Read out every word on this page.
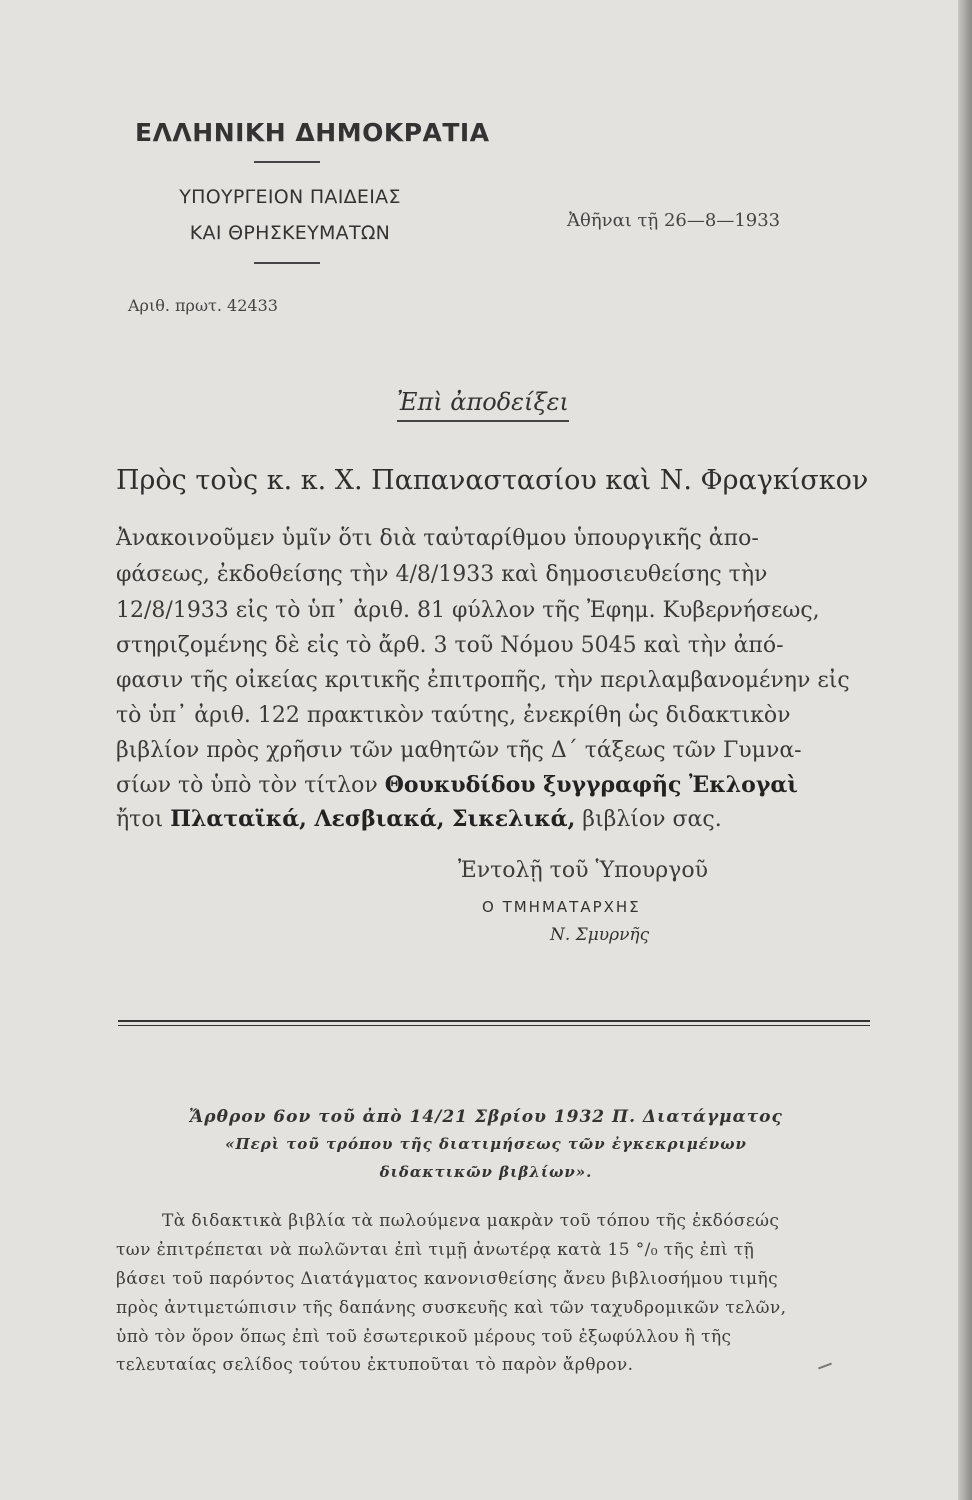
ΕΛΛΗΝΙΚΗ ΔΗΜΟΚΡΑΤΙΑ
ΥΠΟΥΡΓΕΙΟΝ ΠΑΙΔΕΙΑΣ
ΚΑΙ ΘΡΗΣΚΕΥΜΑΤΩΝ
Ἀθῆναι τῇ 26—8—1933
Αριθ. πρωτ. 42433
Ἐπὶ ἀποδείξει
Πρὸς τοὺς κ. κ. Χ. Παπαναστασίου καὶ Ν. Φραγκίσκον
Ἀνακοινοῦμεν ὑμῖν ὅτι διὰ ταὐταρίθμου ὑπουργικῆς ἀπο-
φάσεως, ἐκδοθείσης τὴν 4/8/1933 καὶ δημοσιευθείσης τὴν
12/8/1933 εἰς τὸ ὑπ᾽ ἀριθ. 81 φύλλον τῆς Ἐφημ. Κυβερνήσεως,
στηριζομένης δὲ εἰς τὸ ἄρθ. 3 τοῦ Νόμου 5045 καὶ τὴν ἀπό-
φασιν τῆς οἰκείας κριτικῆς ἐπιτροπῆς, τὴν περιλαμβανομένην εἰς
τὸ ὑπ᾽ ἀριθ. 122 πρακτικὸν ταύτης, ἐνεκρίθη ὡς διδακτικὸν
βιβλίον πρὸς χρῆσιν τῶν μαθητῶν τῆς Δ΄ τάξεως τῶν Γυμνα-
σίων τὸ ὑπὸ τὸν τίτλον Θουκυδίδου ξυγγραφῆς Ἐκλογαὶ
ἤτοι Πλαταϊκά, Λεσβιακά, Σικελικά, βιβλίον σας.
Ἐντολῇ τοῦ Ὑπουργοῦ
Ο ΤΜΗΜΑΤΑΡΧΗΣ
Ν. Σμυρνῆς
Ἄρθρον 6ον τοῦ ἀπὸ 14/21 Σβρίου 1932 Π. Διατάγματος
«Περὶ τοῦ τρόπου τῆς διατιμήσεως τῶν ἐγκεκριμένων
διδακτικῶν βιβλίων».
Τὰ διδακτικὰ βιβλία τὰ πωλούμενα μακρὰν τοῦ τόπου τῆς ἐκδόσεώς
των ἐπιτρέπεται νὰ πωλῶνται ἐπὶ τιμῇ ἀνωτέρᾳ κατὰ 15 °/₀ τῆς ἐπὶ τῇ
βάσει τοῦ παρόντος Διατάγματος κανονισθείσης ἄνευ βιβλιοσήμου τιμῆς
πρὸς ἀντιμετώπισιν τῆς δαπάνης συσκευῆς καὶ τῶν ταχυδρομικῶν τελῶν,
ὑπὸ τὸν ὅρον ὅπως ἐπὶ τοῦ ἐσωτερικοῦ μέρους τοῦ ἐξωφύλλου ἢ τῆς
τελευταίας σελίδος τούτου ἐκτυποῦται τὸ παρὸν ἄρθρον.
